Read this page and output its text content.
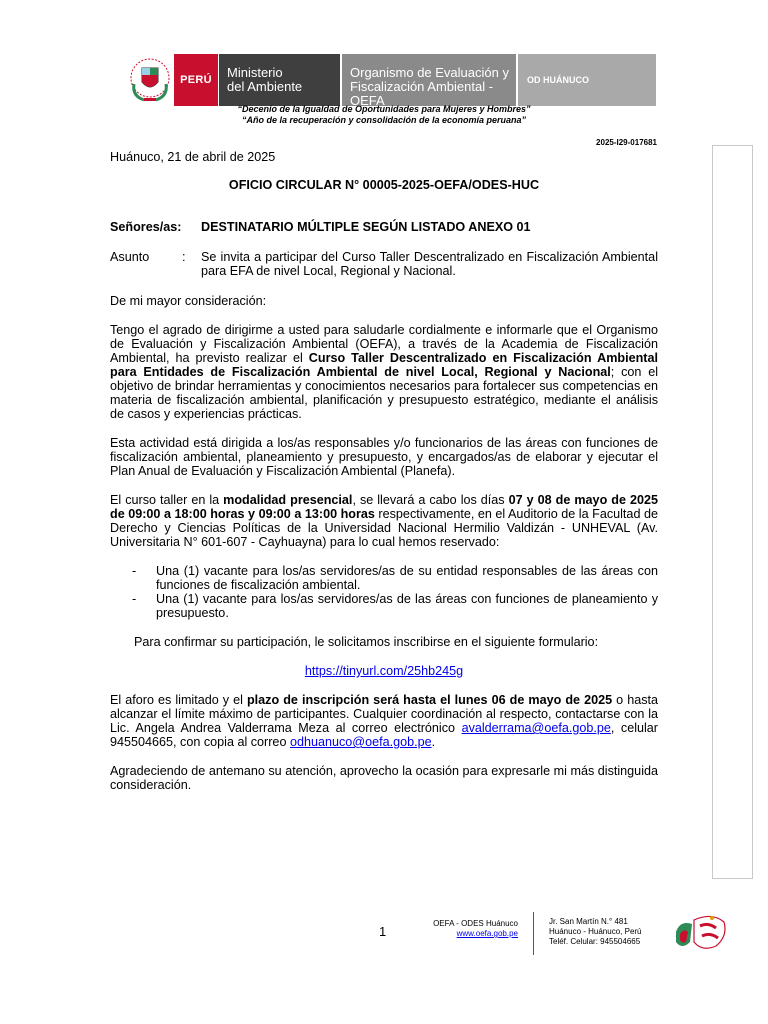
PERÚ	Ministerio
del Ambiente
Organismo de Evaluación y
Fiscalización Ambiental - OEFA
OD HUÁNUCO
“Decenio de la Igualdad de Oportunidades para Mujeres y Hombres”
“Año de la recuperación y consolidación de la economía peruana”
2025-I29-017681

Huánuco, 21 de abril de 2025

OFICIO CIRCULAR N° 00005-2025-OEFA/ODES-HUC

Señores/as:	DESTINATARIO MÚLTIPLE SEGÚN LISTADO ANEXO 01
Asunto	:	Se invita a participar del Curso Taller Descentralizado en Fiscalización Ambiental para EFA de nivel Local, Regional y Nacional.

De mi mayor consideración:

Tengo el agrado de dirigirme a usted para saludarle cordialmente e informarle que el Organismo de Evaluación y Fiscalización Ambiental (OEFA), a través de la Academia de Fiscalización Ambiental, ha previsto realizar el Curso Taller Descentralizado en Fiscalización Ambiental para Entidades de Fiscalización Ambiental de nivel Local, Regional y Nacional; con el objetivo de brindar herramientas y conocimientos necesarios para fortalecer sus competencias en materia de fiscalización ambiental, planificación y presupuesto estratégico, mediante el análisis de casos y experiencias prácticas.

Esta actividad está dirigida a los/as responsables y/o funcionarios de las áreas con funciones de fiscalización ambiental, planeamiento y presupuesto, y encargados/as de elaborar y ejecutar el Plan Anual de Evaluación y Fiscalización Ambiental (Planefa).

El curso taller en la modalidad presencial, se llevará a cabo los días 07 y 08 de mayo de 2025 de 09:00 a 18:00 horas y 09:00 a 13:00 horas respectivamente, en el Auditorio de la Facultad de Derecho y Ciencias Políticas de la Universidad Nacional Hermilio Valdizán - UNHEVAL (Av. Universitaria N° 601-607 - Cayhuayna) para lo cual hemos reservado:

-	Una (1) vacante para los/as servidores/as de su entidad responsables de las áreas con funciones de fiscalización ambiental.
-	Una (1) vacante para los/as servidores/as de las áreas con funciones de planeamiento y presupuesto.

Para confirmar su participación, le solicitamos inscribirse en el siguiente formulario:

https://tinyurl.com/25hb245g

El aforo es limitado y el plazo de inscripción será hasta el lunes 06 de mayo de 2025 o hasta alcanzar el límite máximo de participantes. Cualquier coordinación al respecto, contactarse con la Lic. Angela Andrea Valderrama Meza al correo electrónico avalderrama@oefa.gob.pe, celular 945504665, con copia al correo odhuanuco@oefa.gob.pe.

Agradeciendo de antemano su atención, aprovecho la ocasión para expresarle mi más distinguida consideración.

1
OEFA - ODES Huánuco
www.oefa.gob.pe
Jr. San Martín N.° 481
Huánuco - Huánuco, Perú
Teléf. Celular: 945504665
